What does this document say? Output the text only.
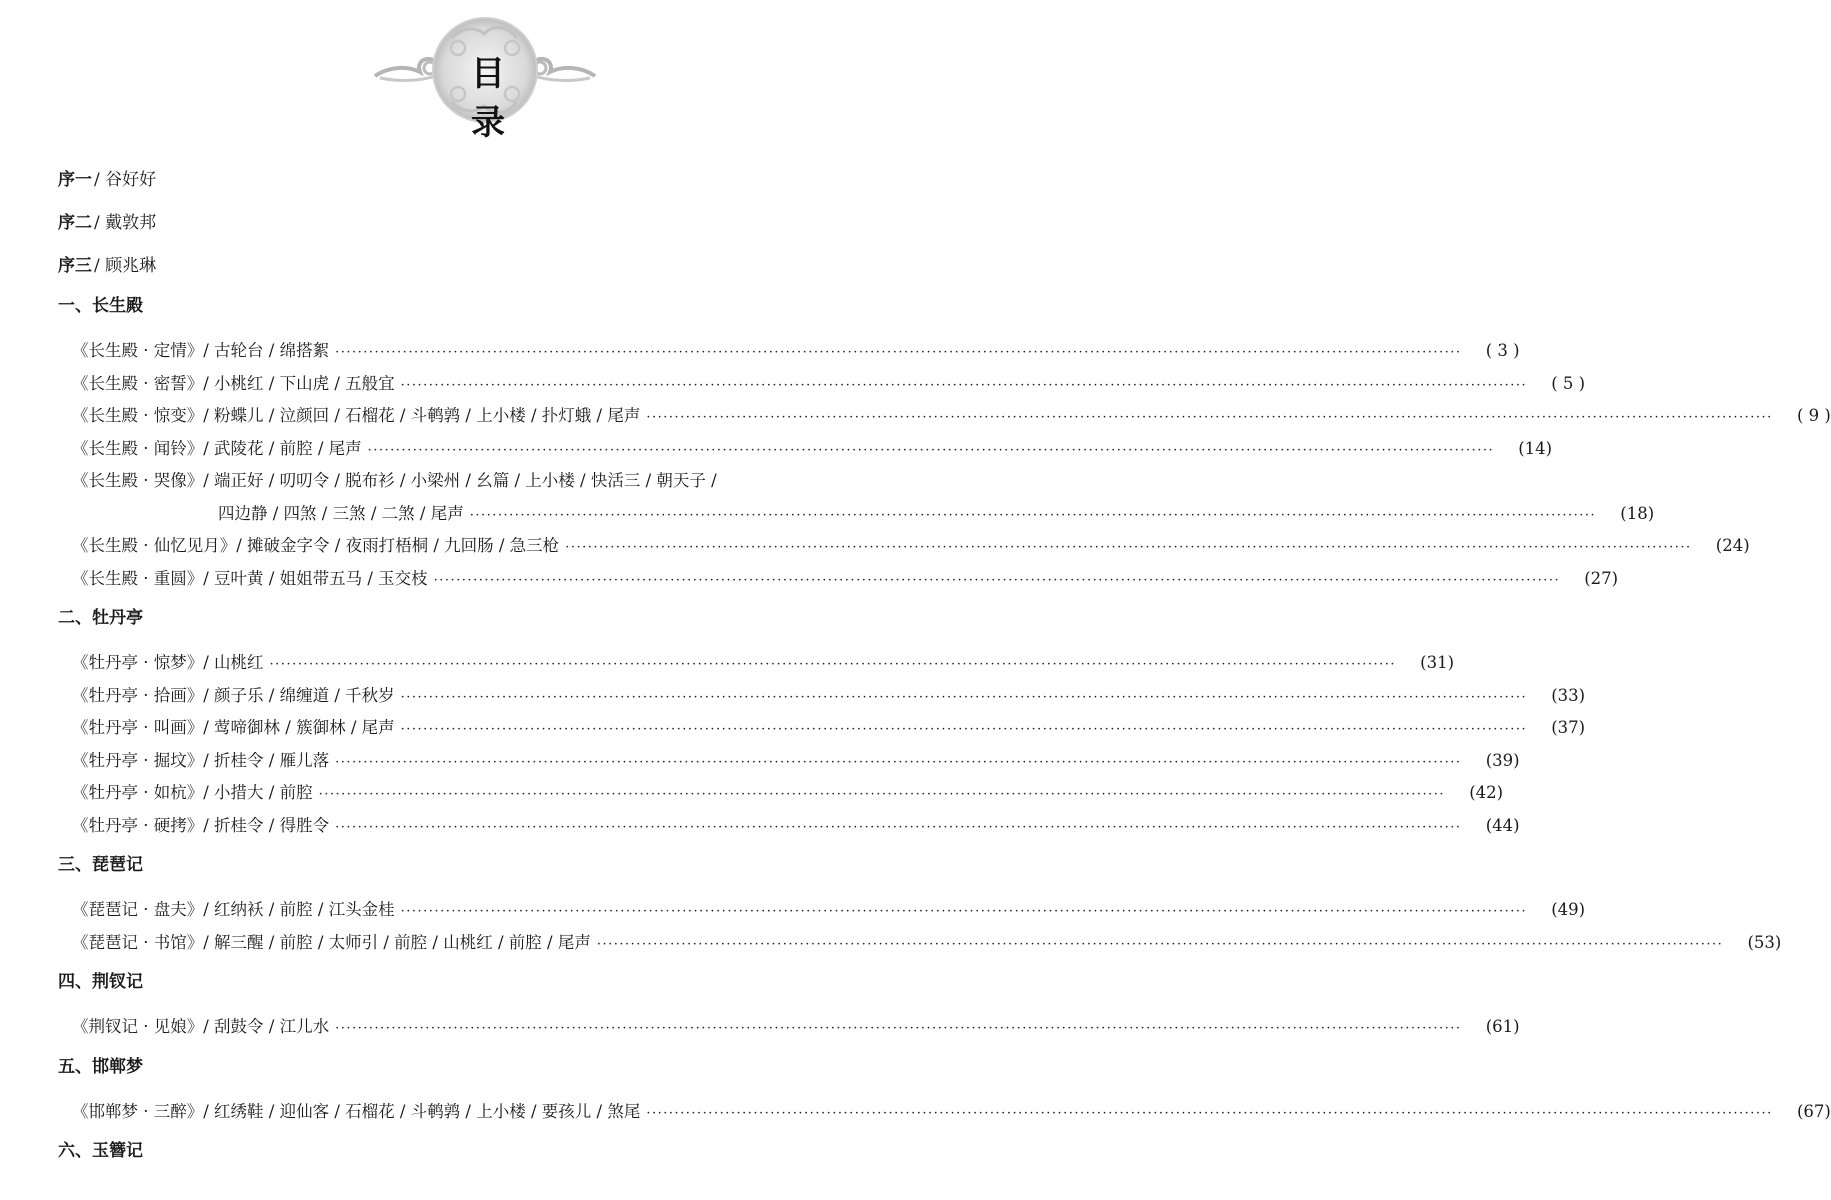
目 录
序一 / 谷好好
序二 / 戴敦邦
序三 / 顾兆琳
一、长生殿
《长生殿 · 定情》/ 古轮台 / 绵搭絮 ········································································································································································································	( 3 )
《长生殿 · 密誓》/ 小桃红 / 下山虎 / 五般宜 ········································································································································································································	( 5 )
《长生殿 · 惊变》/ 粉蝶儿 / 泣颜回 / 石榴花 / 斗鹌鹑 / 上小楼 / 扑灯蛾 / 尾声 ········································································································································································································	( 9 )
《长生殿 · 闻铃》/ 武陵花 / 前腔 / 尾声 ········································································································································································································	(14)
《长生殿 · 哭像》/ 端正好 / 叨叨令 / 脱布衫 / 小梁州 / 幺篇 / 上小楼 / 快活三 / 朝天子 /
四边静 / 四煞 / 三煞 / 二煞 / 尾声 ········································································································································································································	(18)
《长生殿 · 仙忆见月》/ 摊破金字令 / 夜雨打梧桐 / 九回肠 / 急三枪 ········································································································································································································	(24)
《长生殿 · 重圆》/ 豆叶黄 / 姐姐带五马 / 玉交枝 ········································································································································································································	(27)
二、牡丹亭
《牡丹亭 · 惊梦》/ 山桃红 ········································································································································································································	(31)
《牡丹亭 · 拾画》/ 颜子乐 / 绵缠道 / 千秋岁 ········································································································································································································	(33)
《牡丹亭 · 叫画》/ 莺啼御林 / 簇御林 / 尾声 ········································································································································································································	(37)
《牡丹亭 · 掘坟》/ 折桂令 / 雁儿落 ········································································································································································································	(39)
《牡丹亭 · 如杭》/ 小措大 / 前腔 ········································································································································································································	(42)
《牡丹亭 · 硬拷》/ 折桂令 / 得胜令 ········································································································································································································	(44)
三、琵琶记
《琵琶记 · 盘夫》/ 红纳袄 / 前腔 / 江头金桂 ········································································································································································································	(49)
《琵琶记 · 书馆》/ 解三醒 / 前腔 / 太师引 / 前腔 / 山桃红 / 前腔 / 尾声 ········································································································································································································	(53)
四、荆钗记
《荆钗记 · 见娘》/ 刮鼓令 / 江儿水 ········································································································································································································	(61)
五、邯郸梦
《邯郸梦 · 三醉》/ 红绣鞋 / 迎仙客 / 石榴花 / 斗鹌鹑 / 上小楼 / 要孩儿 / 煞尾 ········································································································································································································	(67)
六、玉簪记
